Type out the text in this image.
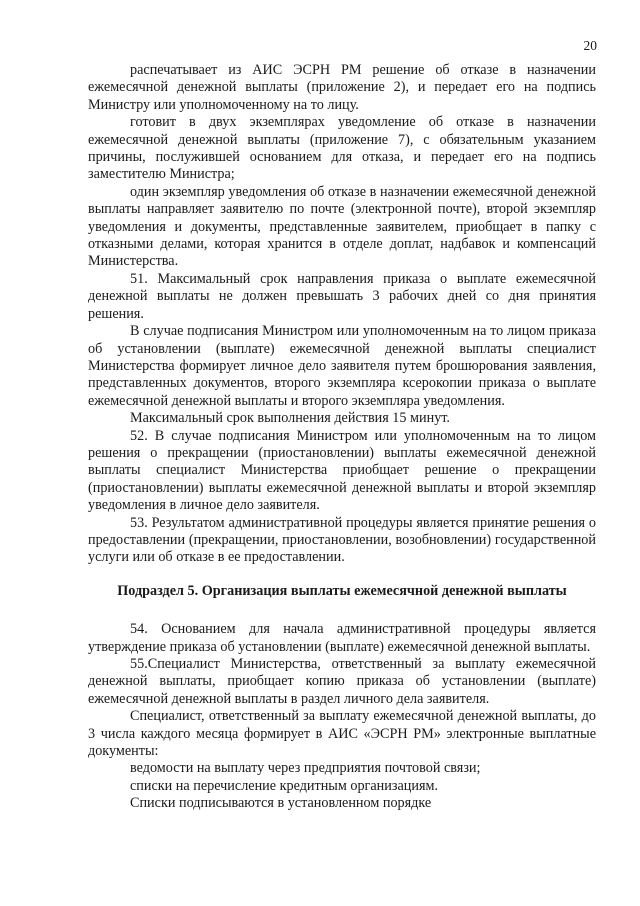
20

распечатывает из АИС ЭСРН РМ решение об отказе в назначении ежемесячной денежной выплаты (приложение 2), и передает его на подпись Министру или уполномоченному на то лицу.

готовит в двух экземплярах уведомление об отказе в назначении ежемесячной денежной выплаты (приложение 7), с обязательным указанием причины, послужившей основанием для отказа, и передает его на подпись заместителю Министра;

один экземпляр уведомления об отказе в назначении ежемесячной денежной выплаты направляет заявителю по почте (электронной почте), второй экземпляр уведомления и документы, представленные заявителем, приобщает в папку с отказными делами, которая хранится в отделе доплат, надбавок и компенсаций Министерства.

51. Максимальный срок направления приказа о выплате ежемесячной денежной выплаты не должен превышать 3 рабочих дней со дня принятия решения.

В случае подписания Министром или уполномоченным на то лицом приказа об установлении (выплате) ежемесячной денежной выплаты специалист Министерства формирует личное дело заявителя путем брошюрования заявления, представленных документов, второго экземпляра ксерокопии приказа о выплате ежемесячной денежной выплаты и второго экземпляра уведомления.

Максимальный срок выполнения действия 15 минут.

52. В случае подписания Министром или уполномоченным на то лицом решения о прекращении (приостановлении) выплаты ежемесячной денежной выплаты специалист Министерства приобщает решение о прекращении (приостановлении) выплаты ежемесячной денежной выплаты и второй экземпляр уведомления в личное дело заявителя.

53. Результатом административной процедуры является принятие решения о предоставлении (прекращении, приостановлении, возобновлении) государственной услуги или об отказе в ее предоставлении.

Подраздел 5. Организация выплаты ежемесячной денежной выплаты

54. Основанием для начала административной процедуры является утверждение приказа об установлении (выплате) ежемесячной денежной выплаты.

55.Специалист Министерства, ответственный за выплату ежемесячной денежной выплаты, приобщает копию приказа об установлении (выплате) ежемесячной денежной выплаты в раздел личного дела заявителя.

Специалист, ответственный за выплату ежемесячной денежной выплаты, до 3 числа каждого месяца формирует в АИС «ЭСРН РМ» электронные выплатные документы:

ведомости на выплату через предприятия почтовой связи;

списки на перечисление кредитным организациям.

Списки подписываются в установленном порядке
